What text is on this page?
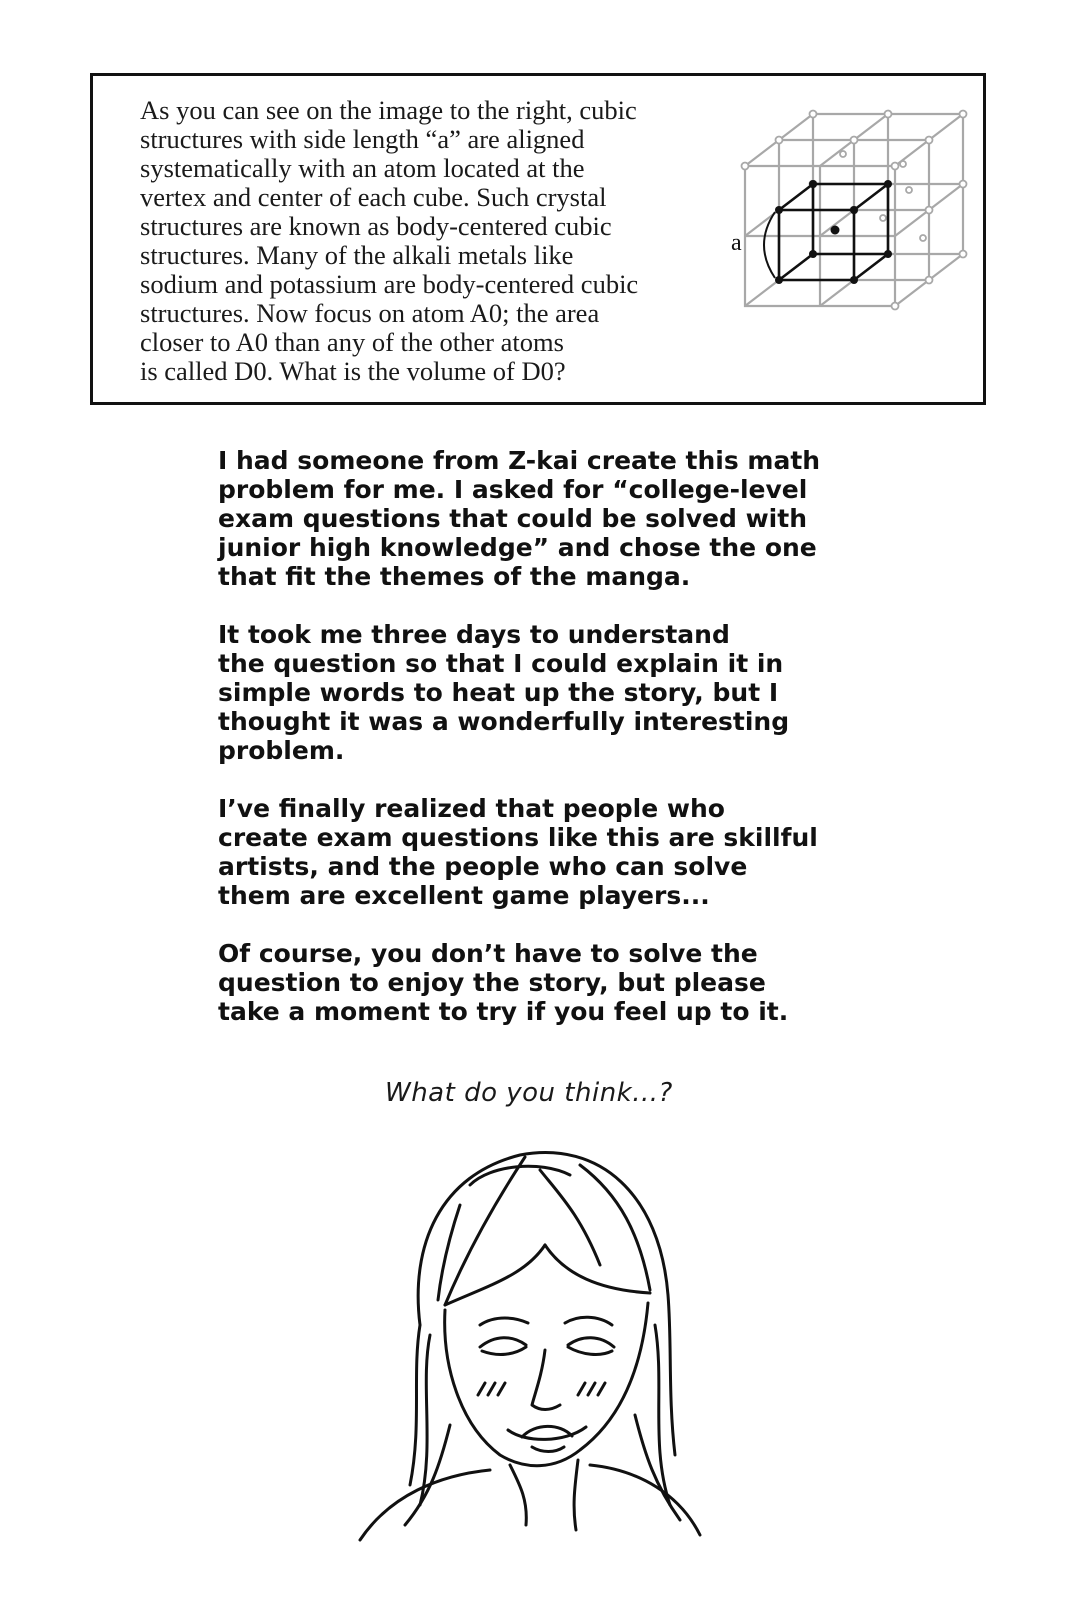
As you can see on the image to the right, cubic
structures with side length “a” are aligned
systematically with an atom located at the
vertex and center of each cube. Such crystal
structures are known as body-centered cubic
structures. Many of the alkali metals like
sodium and potassium are body-centered cubic
structures. Now focus on atom A0; the area
closer to A0 than any of the other atoms
is called D0. What is the volume of D0?
a

I had someone from Z-kai create this math
problem for me. I asked for “college-level
exam questions that could be solved with
junior high knowledge” and chose the one
that fit the themes of the manga.

It took me three days to understand
the question so that I could explain it in
simple words to heat up the story, but I
thought it was a wonderfully interesting
problem.

I’ve finally realized that people who
create exam questions like this are skillful
artists, and the people who can solve
them are excellent game players...

Of course, you don’t have to solve the
question to enjoy the story, but please
take a moment to try if you feel up to it.

What do you think...?
